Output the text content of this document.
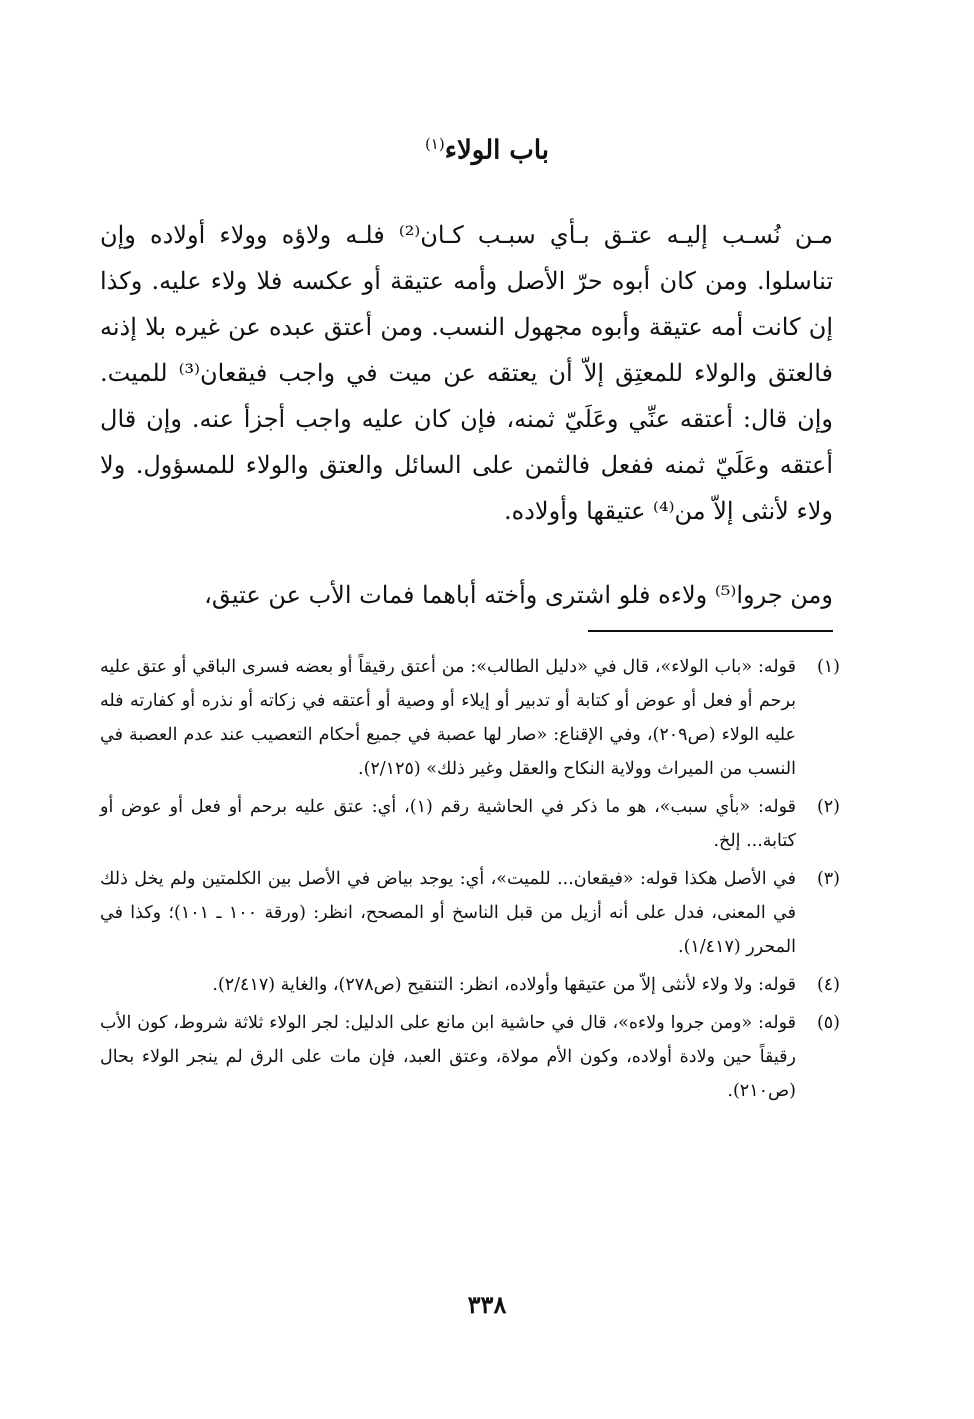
باب الولاء$^{(١)}$

مـن نُسـب إليـه عتـق بـأي سبـب كـان⁽²⁾ فلـه ولاؤه وولاء أولاده وإن تناسلوا. ومن كان أبوه حرّ الأصل وأمه عتيقة أو عكسه فلا ولاء عليه. وكذا إن كانت أمه عتيقة وأبوه مجهول النسب. ومن أعتق عبده عن غيره بلا إذنه فالعتق والولاء للمعتِق إلاّ أن يعتقه عن ميت في واجب فيقعان⁽³⁾ للميت. وإن قال: أعتقه عنِّي وعَلَيّ ثمنه، فإن كان عليه واجب أجزأ عنه. وإن قال أعتقه وعَلَيّ ثمنه ففعل فالثمن على السائل والعتق والولاء للمسؤول. ولا ولاء لأنثى إلاّ من⁽⁴⁾ عتيقها وأولاده.

ومن جروا⁽⁵⁾ ولاءه فلو اشترى وأخته أباهما فمات الأب عن عتيق،
(١)
قوله: «باب الولاء»، قال في «دليل الطالب»: من أعتق رقيقاً أو بعضه فسرى الباقي أو عتق عليه برحم أو فعل أو عوض أو كتابة أو تدبير أو إيلاء أو وصية أو أعتقه في زكاته أو نذره أو كفارته فله عليه الولاء (ص٢٠٩)، وفي الإقناع: «صار لها عصبة في جميع أحكام التعصيب عند عدم العصبة في النسب من الميراث وولاية النكاح والعقل وغير ذلك» (٢/١٢٥).
(٢)
قوله: «بأي سبب»، هو ما ذكر في الحاشية رقم (١)، أي: عتق عليه برحم أو فعل أو عوض أو كتابة... إلخ.
(٣)
في الأصل هكذا قوله: «فيقعان... للميت»، أي: يوجد بياض في الأصل بين الكلمتين ولم يخل ذلك في المعنى، فدل على أنه أزيل من قبل الناسخ أو المصحح، انظر: (ورقة ١٠٠ ـ ١٠١)؛ وكذا في المحرر (١/٤١٧).
(٤)
قوله: ولا ولاء لأنثى إلاّ من عتيقها وأولاده، انظر: التنقيح (ص٢٧٨)، والغاية (٢/٤١٧).
(٥)
قوله: «ومن جروا ولاءه»، قال في حاشية ابن مانع على الدليل: لجر الولاء ثلاثة شروط، كون الأب رقيقاً حين ولادة أولاده، وكون الأم مولاة، وعتق العبد، فإن مات على الرق لم ينجر الولاء بحال (ص٢١٠).
٣٣٨
